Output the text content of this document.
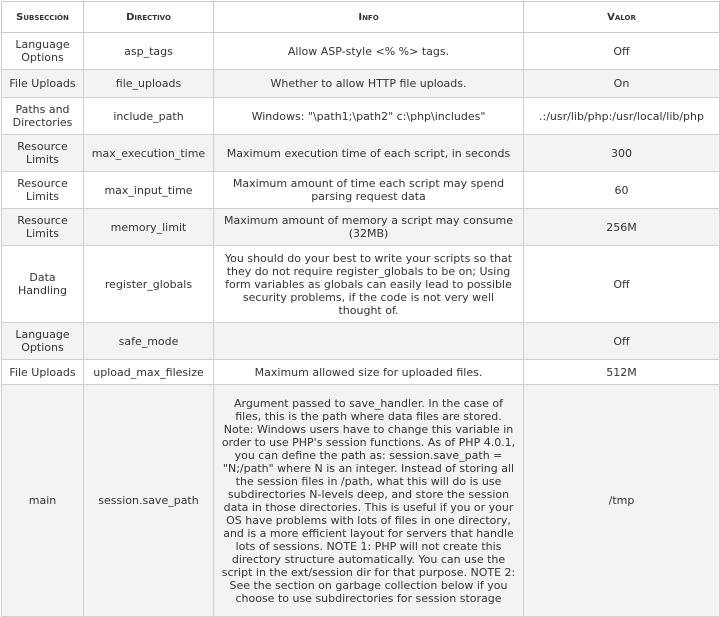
Subsección	Directivo	Info	Valor
Language Options	asp_tags	Allow ASP-style <% %> tags.	Off
File Uploads	file_uploads	Whether to allow HTTP file uploads.	On
Paths and Directories	include_path	Windows: "\path1;\path2" c:\php\includes"	.:/usr/lib/php:/usr/local/lib/php
Resource Limits	max_execution_time	Maximum execution time of each script, in seconds	300
Resource Limits	max_input_time	Maximum amount of time each script may spend parsing request data	60
Resource Limits	memory_limit	Maximum amount of memory a script may consume (32MB)	256M
Data Handling	register_globals	You should do your best to write your scripts so that they do not require register_globals to be on; Using form variables as globals can easily lead to possible security problems, if the code is not very well thought of.	Off
Language Options	safe_mode		Off
File Uploads	upload_max_filesize	Maximum allowed size for uploaded files.	512M
main	session.save_path	Argument passed to save_handler. In the case of files, this is the path where data files are stored. Note: Windows users have to change this variable in order to use PHP's session functions. As of PHP 4.0.1, you can define the path as: session.save_path = "N;/path" where N is an integer. Instead of storing all the session files in /path, what this will do is use subdirectories N-levels deep, and store the session data in those directories. This is useful if you or your OS have problems with lots of files in one directory, and is a more efficient layout for servers that handle lots of sessions. NOTE 1: PHP will not create this directory structure automatically. You can use the script in the ext/session dir for that purpose. NOTE 2: See the section on garbage collection below if you choose to use subdirectories for session storage	/tmp
